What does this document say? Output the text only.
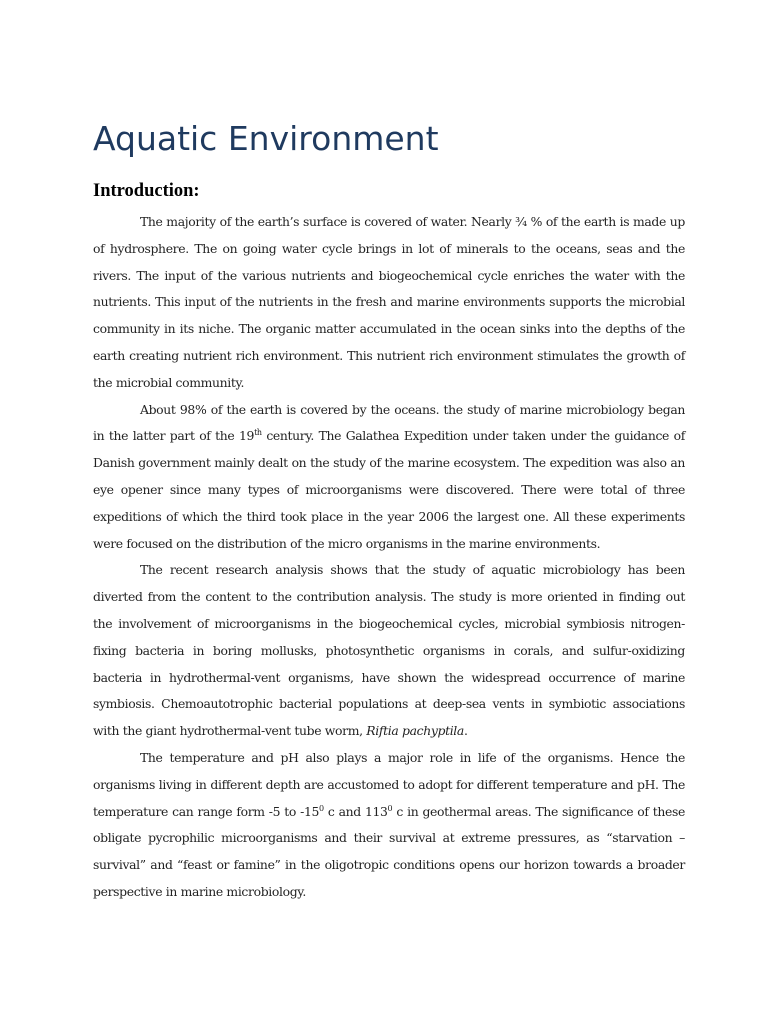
Aquatic Environment
Introduction:

The majority of the earth’s surface is covered of water. Nearly ¾ % of the earth is made up of hydrosphere. The on going water cycle brings in lot of minerals to the oceans, seas and the rivers. The input of the various nutrients and biogeochemical cycle enriches the water with the nutrients. This input of the nutrients in the fresh and marine environments supports the microbial community in its niche. The organic matter accumulated in the ocean sinks into the depths of the earth creating nutrient rich environment. This nutrient rich environment stimulates the growth of the microbial community.

About 98% of the earth is covered by the oceans. the study of marine microbiology began in the latter part of the 19th century. The Galathea Expedition under taken under the guidance of Danish government mainly dealt on the study of the marine ecosystem. The expedition was also an eye opener since many types of microorganisms were discovered. There were total of three expeditions of which the third took place in the year 2006 the largest one. All these experiments were focused on the distribution of the micro organisms in the marine environments.

The recent research analysis shows that the study of aquatic microbiology has been diverted from the content to the contribution analysis. The study is more oriented in finding out the involvement of microorganisms in the biogeochemical cycles, microbial symbiosis nitrogen-fixing bacteria in boring mollusks, photosynthetic organisms in corals, and sulfur-oxidizing bacteria in hydrothermal-vent organisms, have shown the widespread occurrence of marine symbiosis. Chemoautotrophic bacterial populations at deep-sea vents in symbiotic associations with the giant hydrothermal-vent tube worm, Riftia pachyptila.

The temperature and pH also plays a major role in life of the organisms. Hence the organisms living in different depth are accustomed to adopt for different temperature and pH. The temperature can range form -5 to $-15^0$ c and $113^0$ c in geothermal areas. The significance of these obligate pycrophilic microorganisms and their survival at extreme pressures, as “starvation – survival” and “feast or famine” in the oligotropic conditions opens our horizon towards a broader perspective in marine microbiology.
